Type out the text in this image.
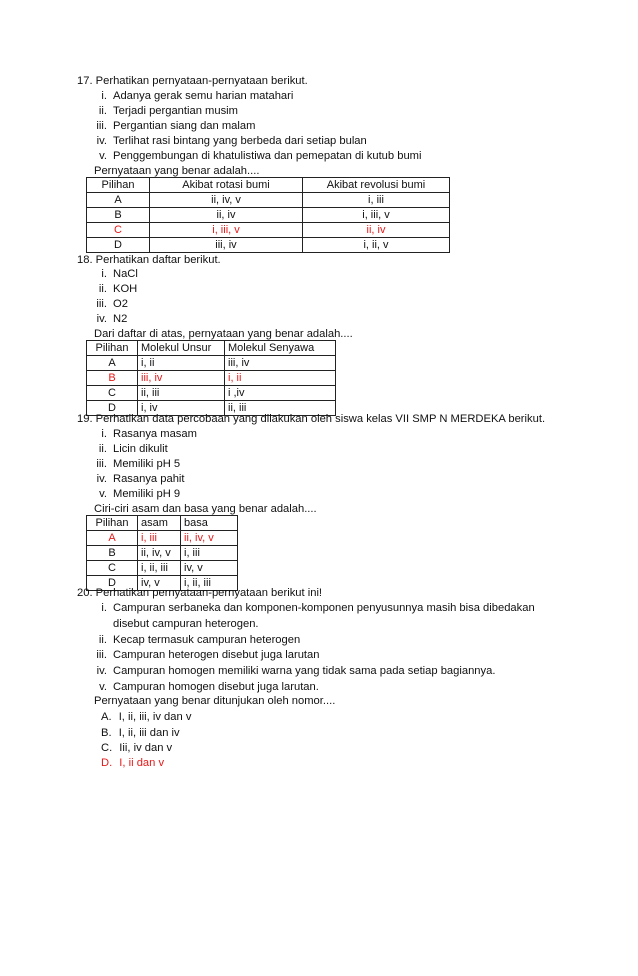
17. Perhatikan pernyataan-pernyataan berikut.
i. Adanya gerak semu harian matahari
ii. Terjadi pergantian musim
iii. Pergantian siang dan malam
iv. Terlihat rasi bintang yang berbeda dari setiap bulan
v. Penggembungan di khatulistiwa dan pemepatan di kutub bumi
Pernyataan yang benar adalah....
Pilihan	Akibat rotasi bumi	Akibat revolusi bumi
A	ii, iv, v	i, iii
B	ii, iv	i, iii, v
C	i, iii, v	ii, iv
D	iii, iv	i, ii, v
18. Perhatikan daftar berikut.
i. NaCl
ii. KOH
iii. O2
iv. N2
Dari daftar di atas, pernyataan yang benar adalah....
Pilihan	Molekul Unsur	Molekul Senyawa
A	i, ii	iii, iv
B	iii, iv	i, ii
C	ii, iii	i ,iv
D	i, iv	ii, iii
19. Perhatikan data percobaan yang dilakukan oleh siswa kelas VII SMP N MERDEKA berikut.
i. Rasanya masam
ii. Licin dikulit
iii. Memiliki pH 5
iv. Rasanya pahit
v. Memiliki pH 9
Ciri-ciri asam dan basa yang benar adalah....
Pilihan	asam	basa
A	i, iii	ii, iv, v
B	ii, iv, v	i, iii
C	i, ii, iii	iv, v
D	iv, v	i, ii, iii
20. Perhatikan pernyataan-pernyataan berikut ini!
i. Campuran serbaneka dan komponen-komponen penyusunnya masih bisa dibedakan
disebut campuran heterogen.
ii. Kecap termasuk campuran heterogen
iii. Campuran heterogen disebut juga larutan
iv. Campuran homogen memiliki warna yang tidak sama pada setiap bagiannya.
v. Campuran homogen disebut juga larutan.
Pernyataan yang benar ditunjukan oleh nomor....
A. I, ii, iii, iv dan v
B. I, ii, iii dan iv
C. Iii, iv dan v
D. I, ii dan v
